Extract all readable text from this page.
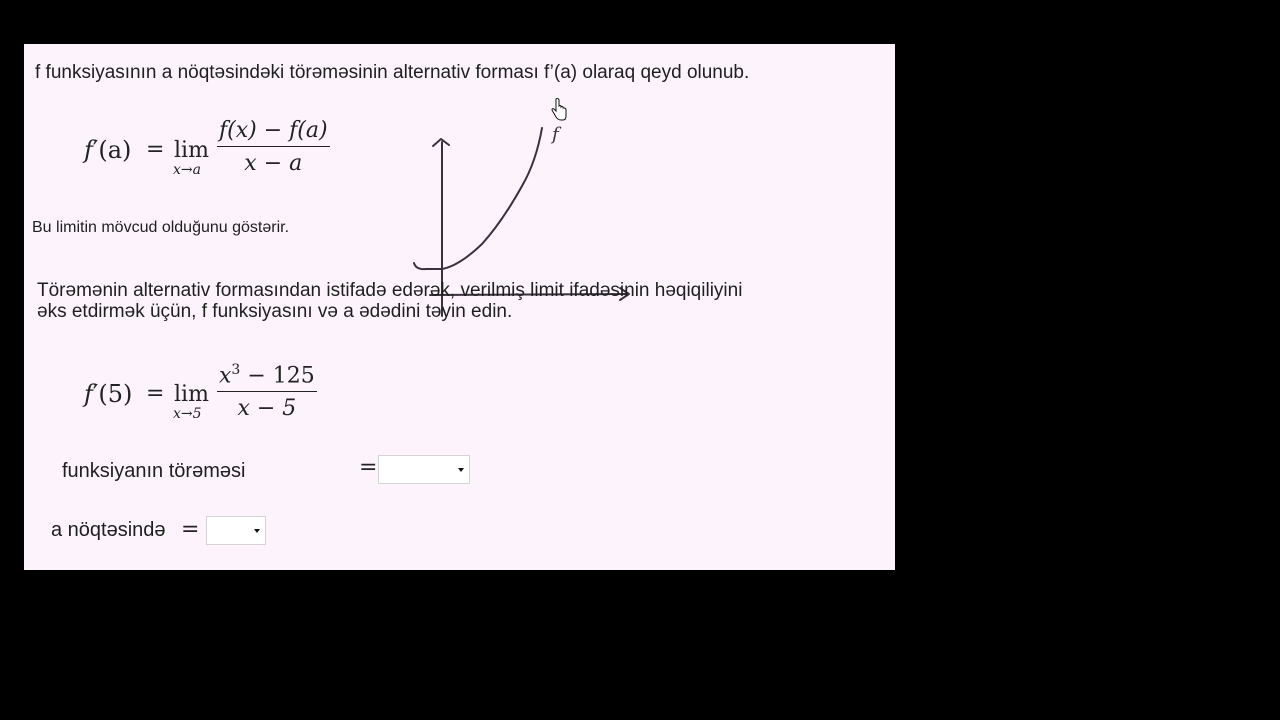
f funksiyasının a nöqtəsindəki törəməsinin alternativ forması f’(a) olaraq qeyd olunub.
f′(a) = lim
$x\to a \frac{f(x) - f(a)}{x - a}$
Bu limitin mövcud olduğunu göstərir.
f
Törəmənin alternativ formasından istifadə edərək, verilmiş limit ifadəsinin həqiqiliyini
əks etdirmək üçün, f funksiyasını və a ədədini təyin edin.
f′(5) = lim
$x\to 5 \frac{x^3 - 125}{x - 5}$
funksiyanın törəməsi	=
a nöqtəsində =
